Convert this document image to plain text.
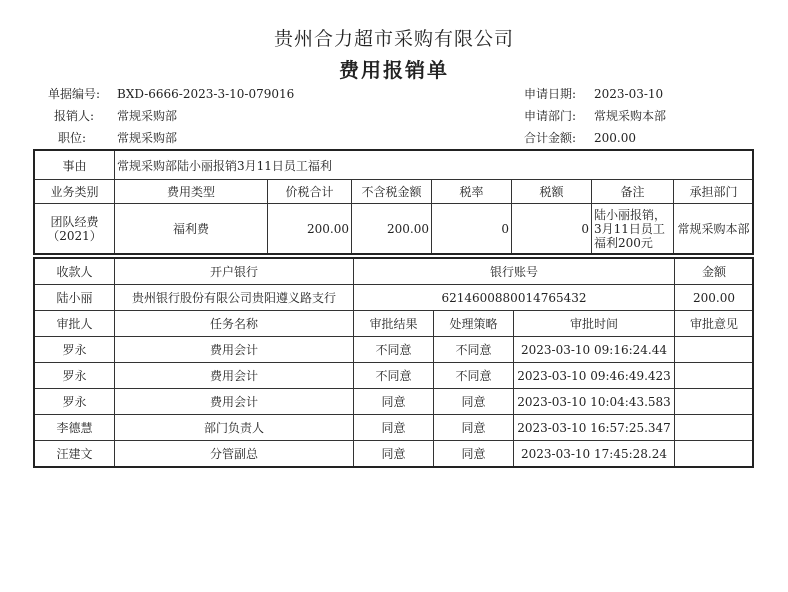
贵州合力超市采购有限公司
费用报销单
单据编号: BXD-6666-2023-3-10-079016	申请日期: 2023-03-10
报销人: 常规采购部	申请部门: 常规采购本部
职位:	常规采购部	合计金额: 200.00
事由	常规采购部陆小丽报销3月11日员工福利						
业务类别	费用类型	价税合计	不含税金额	税率	税额	备注	承担部门
团队经费（2021）	福利费	200.00	200.00	0	0	陆小丽报销，3月11日员工福利200元	常规采购本部
收款人	开户银行	银行账号			金额
陆小丽	贵州银行股份有限公司贵阳遵义路支行	6214600880014765432			200.00
审批人	任务名称	审批结果	处理策略	审批时间	审批意见
罗永	费用会计	不同意	不同意	2023-03-10 09:16:24.44	
罗永	费用会计	不同意	不同意	2023-03-10 09:46:49.423	
罗永	费用会计	同意	同意	2023-03-10 10:04:43.583	
李德慧	部门负责人	同意	同意	2023-03-10 16:57:25.347	
汪建文	分管副总	同意	同意	2023-03-10 17:45:28.24	
